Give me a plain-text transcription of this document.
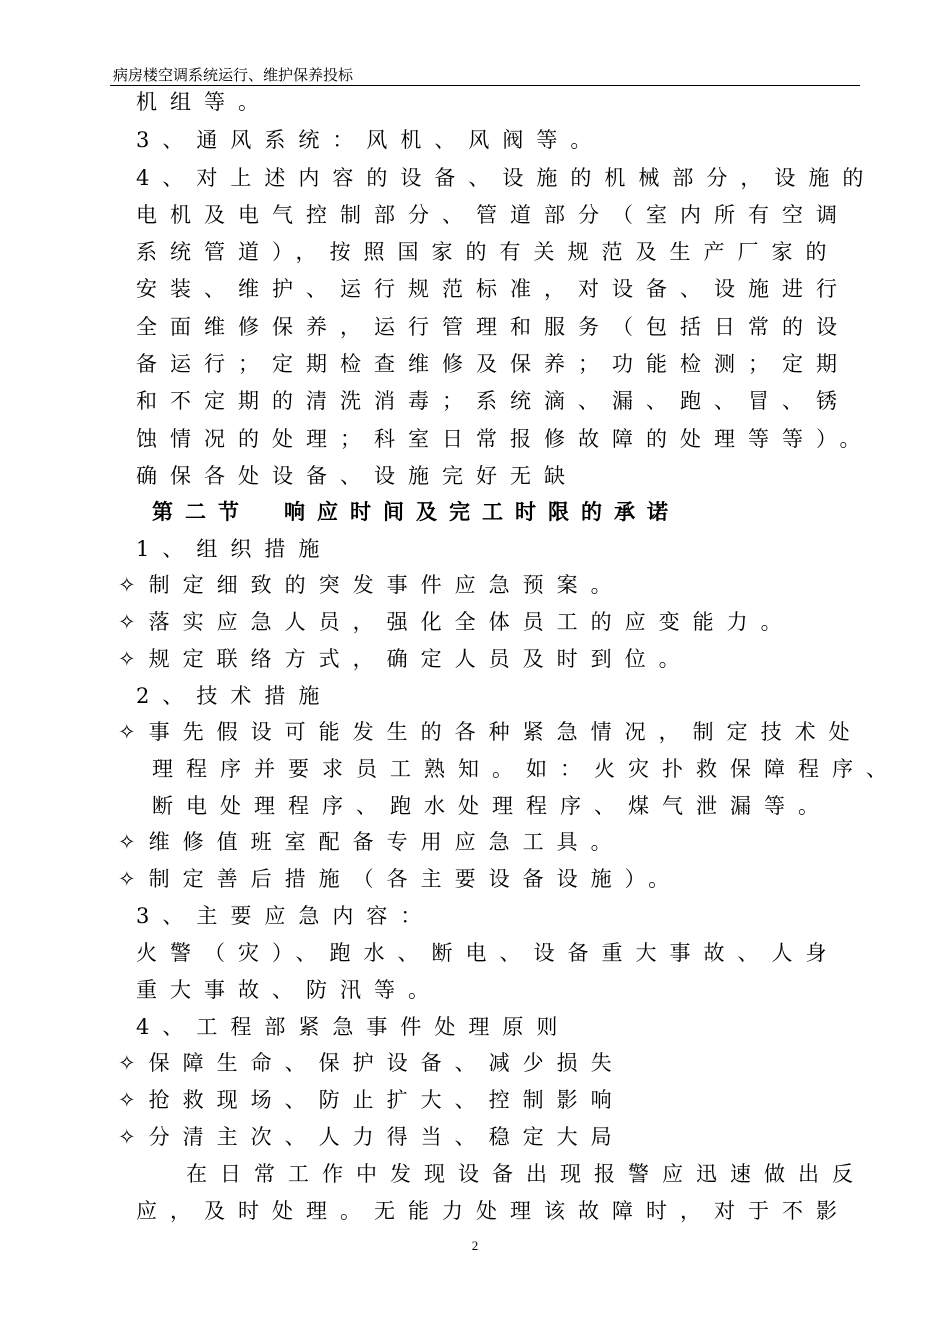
病房楼空调系统运行、维护保养投标
机组等。
3、通风系统：风机、风阀等。
4、对上述内容的设备、设施的机械部分，设施的
电机及电气控制部分、管道部分（室内所有空调
系统管道），按照国家的有关规范及生产厂家的
安装、维护、运行规范标准，对设备、设施进行
全面维修保养，运行管理和服务（包括日常的设
备运行；定期检查维修及保养；功能检测；定期
和不定期的清洗消毒；系统滴、漏、跑、冒、锈
蚀情况的处理；科室日常报修故障的处理等等）。
确保各处设备、设施完好无缺
第二节　响应时间及完工时限的承诺
1、组织措施
✧制定细致的突发事件应急预案。
✧落实应急人员，强化全体员工的应变能力。
✧规定联络方式，确定人员及时到位。
2、技术措施
✧事先假设可能发生的各种紧急情况，制定技术处
理程序并要求员工熟知。如：火灾扑救保障程序、
断电处理程序、跑水处理程序、煤气泄漏等。
✧维修值班室配备专用应急工具。
✧制定善后措施（各主要设备设施）。
3、主要应急内容：
火警（灾）、跑水、断电、设备重大事故、人身
重大事故、防汛等。
4、工程部紧急事件处理原则
✧保障生命、保护设备、减少损失
✧抢救现场、防止扩大、控制影响
✧分清主次、人力得当、稳定大局
在日常工作中发现设备出现报警应迅速做出反
应，及时处理。无能力处理该故障时，对于不影
2
